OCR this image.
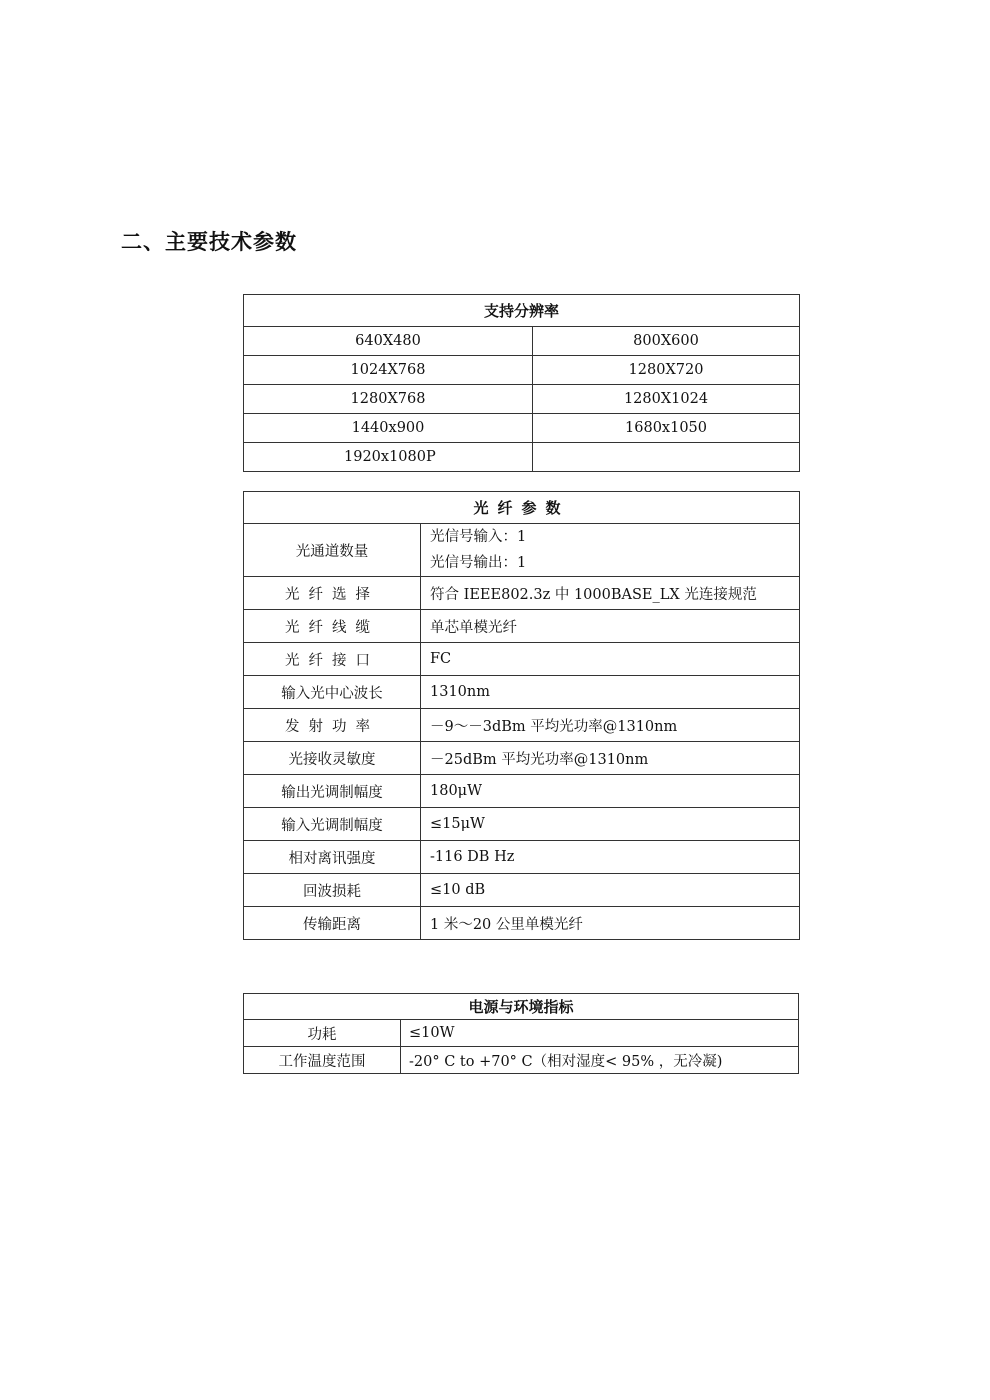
二、主要技术参数
支持分辨率	
640X480	800X600
1024X768	1280X720
1280X768	1280X1024
1440x900	1680x1050
1920x1080P	
光纤参数	
光通道数量	光信号输入：1
光信号输出：1

光纤选择	符合 IEEE802.3z 中 1000BASE_LX 光连接规范
光纤线缆	单芯单模光纤
光纤接口	FC
输入光中心波长	1310nm
发射功率	－9～－3dBm 平均光功率@1310nm
光接收灵敏度	－25dBm 平均光功率@1310nm
输出光调制幅度	180μW
输入光调制幅度	≤15μW
相对离讯强度	-116 DB Hz
回波损耗	≤10 dB
传输距离	1 米～20 公里单模光纤
电源与环境指标	
功耗	≤10W
工作温度范围	-20° C to +70° C（相对湿度< 95% ，无冷凝)
